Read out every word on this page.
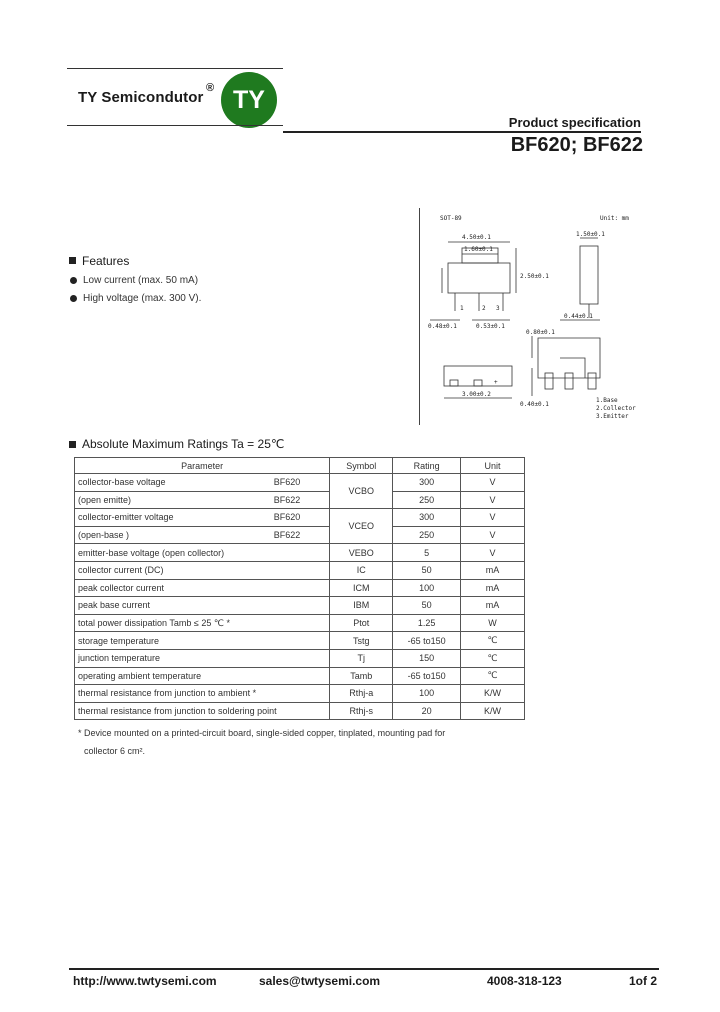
TY Semicondutor
® TY
Product specification
BF620; BF622
Features
Low current (max. 50 mA)
High voltage (max. 300 V).
SOT-89	Unit: mm
4.50±0.1
1.60±0.1
2.50±0.1
0.48±0.1	0.53±0.1
1	2 3
1.50±0.1
0.44±0.1
3.00±0.2
+
0.80±0.1
0.40±0.1
1.Base
2.Collector
3.Emitter
Absolute Maximum Ratings Ta = 25℃
Parameter	Symbol	Rating	Unit
collector-base voltage BF620	VCBO	300	V
(open emitte) BF622		250	V
collector-emitter voltage BF620	VCEO	300	V
(open-base ) BF622		250	V
emitter-base voltage (open collector)	VEBO	5	V
collector current (DC)	IC	50	mA
peak collector current	ICM	100	mA
peak base current	IBM	50	mA
total power dissipation Tamb ≤ 25 ℃ *	Ptot	1.25	W
storage temperature	Tstg	-65 to150	℃
junction temperature	Tj	150	℃
operating ambient temperature	Tamb	-65 to150	℃
thermal resistance from junction to ambient *	Rthj-a	100	K/W
thermal resistance from junction to soldering point	Rthj-s	20	K/W
* Device mounted on a printed-circuit board, single-sided copper, tinplated, mounting pad for
collector 6 cm².
http://www.twtysemi.com	sales@twtysemi.com	4008-318-123	1of 2
